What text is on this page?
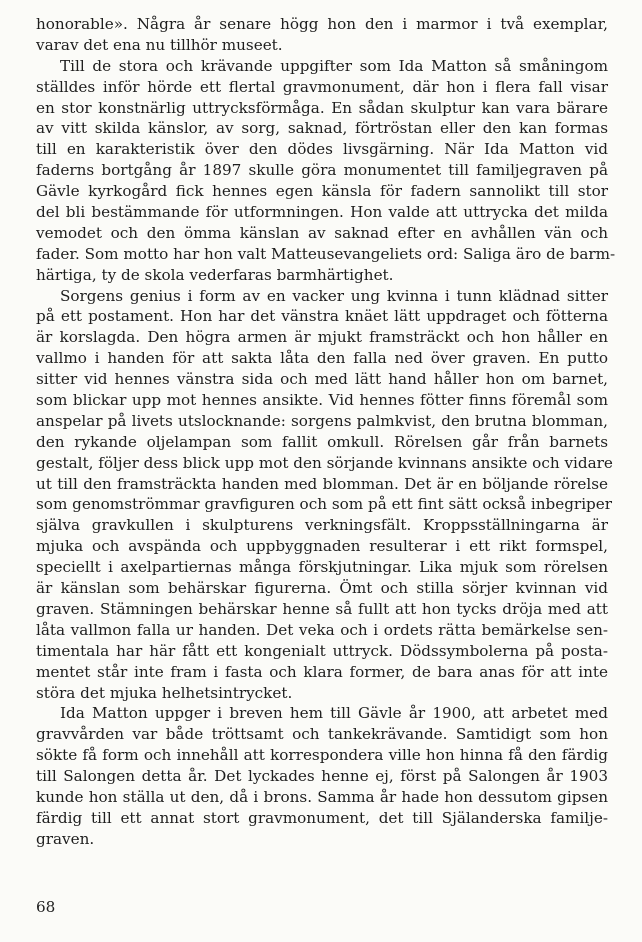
honorable». Några år senare högg hon den i marmor i två exemplar,
varav det ena nu tillhör museet.
Till de stora och krävande uppgifter som Ida Matton så småningom
ställdes inför hörde ett flertal gravmonument, där hon i flera fall visar
en stor konstnärlig uttrycksförmåga. En sådan skulptur kan vara bärare
av vitt skilda känslor, av sorg, saknad, förtröstan eller den kan formas
till en karakteristik över den dödes livsgärning. När Ida Matton vid
faderns bortgång år 1897 skulle göra monumentet till familjegraven på
Gävle kyrkogård fick hennes egen känsla för fadern sannolikt till stor
del bli bestämmande för utformningen. Hon valde att uttrycka det milda
vemodet och den ömma känslan av saknad efter en avhållen vän och
fader. Som motto har hon valt Matteusevangeliets ord: Saliga äro de barm-
härtiga, ty de skola vederfaras barmhärtighet.
Sorgens genius i form av en vacker ung kvinna i tunn klädnad sitter
på ett postament. Hon har det vänstra knäet lätt uppdraget och fötterna
är korslagda. Den högra armen är mjukt framsträckt och hon håller en
vallmo i handen för att sakta låta den falla ned över graven. En putto
sitter vid hennes vänstra sida och med lätt hand håller hon om barnet,
som blickar upp mot hennes ansikte. Vid hennes fötter finns föremål som
anspelar på livets utslocknande: sorgens palmkvist, den brutna blomman,
den rykande oljelampan som fallit omkull. Rörelsen går från barnets
gestalt, följer dess blick upp mot den sörjande kvinnans ansikte och vidare
ut till den framsträckta handen med blomman. Det är en böljande rörelse
som genomströmmar gravfiguren och som på ett fint sätt också inbegriper
själva gravkullen i skulpturens verkningsfält. Kroppsställningarna är
mjuka och avspända och uppbyggnaden resulterar i ett rikt formspel,
speciellt i axelpartiernas många förskjutningar. Lika mjuk som rörelsen
är känslan som behärskar figurerna. Ömt och stilla sörjer kvinnan vid
graven. Stämningen behärskar henne så fullt att hon tycks dröja med att
låta vallmon falla ur handen. Det veka och i ordets rätta bemärkelse sen-
timentala har här fått ett kongenialt uttryck. Dödssymbolerna på posta-
mentet står inte fram i fasta och klara former, de bara anas för att inte
störa det mjuka helhetsintrycket.
Ida Matton uppger i breven hem till Gävle år 1900, att arbetet med
gravvården var både tröttsamt och tankekrävande. Samtidigt som hon
sökte få form och innehåll att korrespondera ville hon hinna få den färdig
till Salongen detta år. Det lyckades henne ej, först på Salongen år 1903
kunde hon ställa ut den, då i brons. Samma år hade hon dessutom gipsen
färdig till ett annat stort gravmonument, det till Själanderska familje-
graven.
68
